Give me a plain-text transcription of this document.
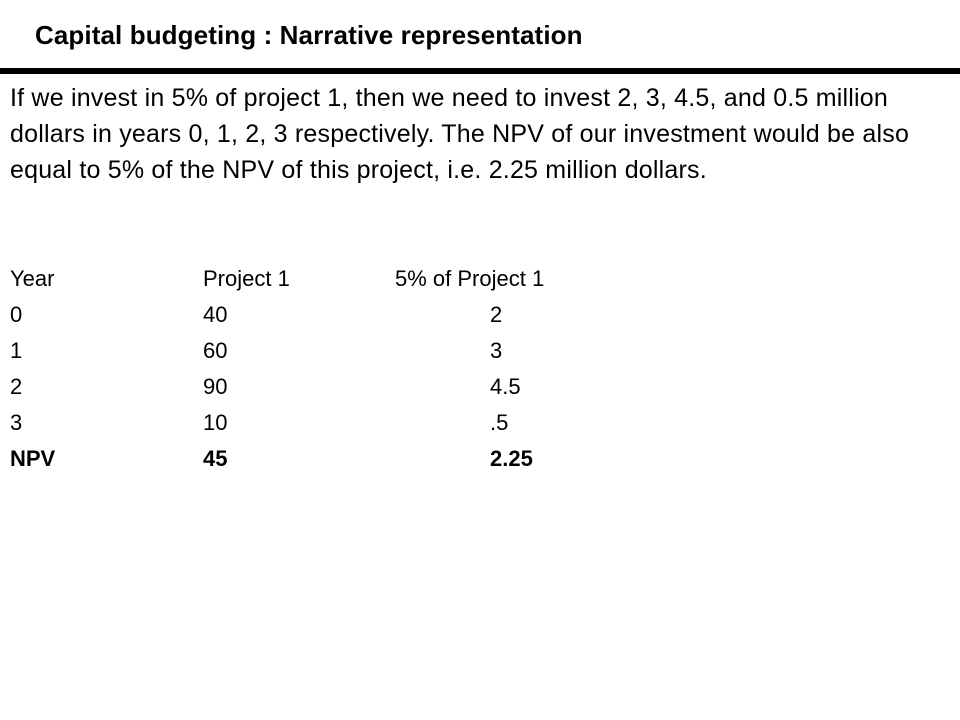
Capital budgeting : Narrative representation

If we invest in 5% of project 1, then we need to invest 2, 3, 4.5, and 0.5 million dollars in years 0, 1, 2, 3 respectively. The NPV of our investment would be also equal to 5% of the NPV of this project, i.e. 2.25 million dollars.

Year	Project 1	5% of Project 1
0	40	2
1	60	3
2	90	4.5
3	10	.5
NPV	45	2.25
